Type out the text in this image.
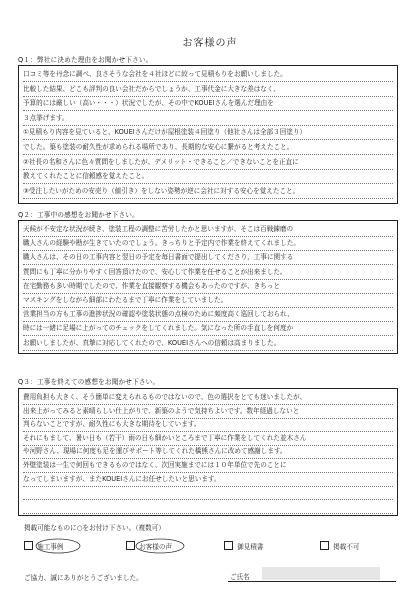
お客様の声
Q１：弊社に決めた理由をお聞かせ下さい。
口コミ等を丹念に調べ、良さそうな会社を４社ほどに絞って見積もりをお願いしました。
比較した結果、どこも評判の良い会社だからでしょうか、工事代金に大きな差はなく、
予算的には厳しい（高い・・・）状況でしたが、その中でKOUEIさんを選んだ理由を
３点挙げます。
①見積もり内容を見ていると、KOUEIさんだけが屋根塗装４回塗り（他社さんは全部３回塗り）
でした。築も塗装の耐久性が求められる場所であり、長期的な安心に繋がると考えたこと。
②社長の名和さんに色々質問をしましたが、デメリット・できること／できないことを正直に
教えてくれたことに信頼感を覚えたこと。
③受注したいがための安売り（値引き）をしない姿勢が逆に会社に対する安心を覚えたこと。
Q２：工事中の感想をお聞かせ下さい。
天候が不安定な状況が続き、塗装工程の調整に苦労したかと思いますが、そこは百戦錬磨の
職人さんの経験や勘が生きていたのでしょう。きっちりと予定内で作業を終えてくれました。
職人さんは、その日の工事内容と翌日の予定を毎日書面で提出してくださり、工事に関する
質問にも丁寧に分かりやすく回答頂けたので、安心して作業を任せることが出来ました。
在宅勤務も多い時期でしたので、作業を直接観察する機会もあったのですが、きちっと
マスキングをしながら細部にわたるまで丁寧に作業をしていました。
営業担当の方も工事の進捗状況の確認や塗装状態の点検のために頻度高く巡回しておられ、
時には一緒に足場に上がってのチェックをしてくれました。気になった所の手直しを何度か
お願いしましたが、真摯に対応してくれたので、KOUEIさんへの信頼は高まりました。
Q３：工事を終えての感想をお聞かせ下さい。
費用負担も大きく、そう簡単に変えられるものではないので、色の選択をとても迷いましたが、
出来上がってみると素晴らしい仕上がりで、新築のようで気持ちよいです。数年経過しないと
判らないことですが、耐久性にも大きな期待をしています。
それにもまして、暑い日も（若干）雨の日も細かいところまで丁寧に作業をしてくれた並木さん
や河野さん、現場に何度も足を運びサポート等してくれた橋熊さんに改めて感謝します。
外壁塗装は一生で何回もできるものではなく、次回実施までには１０年単位で先のことに
なってしまいますが、またKOUEIさんにお任せしたいと思います。
掲載可能なものに○をお付け下さい。（複数可）
施工事例	お客様の声	御見積書	掲載不可
ご協力、誠にありがとうございました。	ご氏名
